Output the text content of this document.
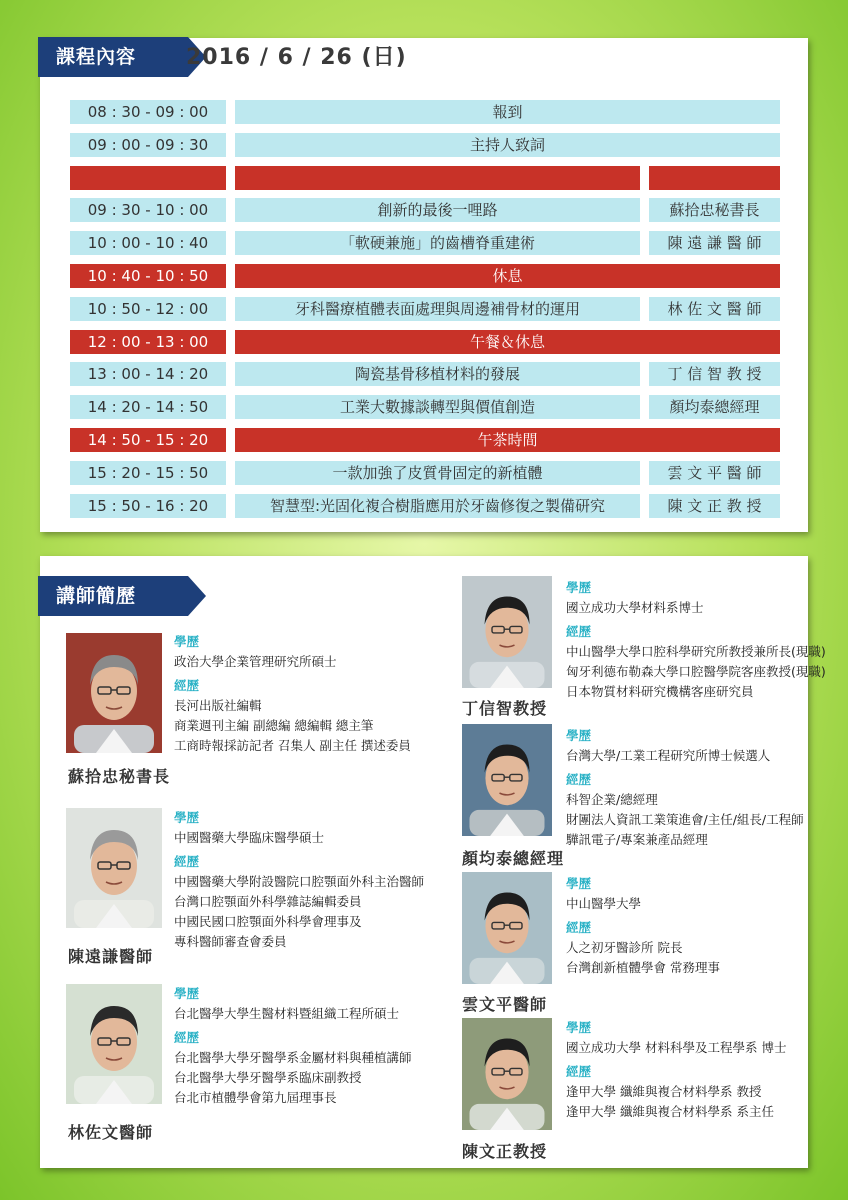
課程內容	2016 / 6 / 26 (日)
08 : 30 - 09 : 00	報到
09 : 00 - 09 : 30	主持人致詞
09 : 30 - 10 : 00	創新的最後一哩路	蘇拾忠秘書長
10 : 00 - 10 : 40	「軟硬兼施」的齒槽脊重建術	陳 遠 謙 醫 師
10 : 40 - 10 : 50	休息
10 : 50 - 12 : 00	牙科醫療植體表面處理與周邊補骨材的運用	林 佐 文 醫 師
12 : 00 - 13 : 00	午餐＆休息
13 : 00 - 14 : 20	陶瓷基骨移植材料的發展	丁 信 智 教 授
14 : 20 - 14 : 50	工業大數據談轉型與價值創造	顏均泰總經理
14 : 50 - 15 : 20	午茶時間
15 : 20 - 15 : 50	一款加強了皮質骨固定的新植體	雲 文 平 醫 師
15 : 50 - 16 : 20	智慧型:光固化複合樹脂應用於牙齒修復之製備研究	陳 文 正 教 授
講師簡歷
蘇拾忠秘書長
學歷
政治大學企業管理研究所碩士
經歷
長河出版社編輯
商業週刊主編 副總編 總編輯 總主筆
工商時報採訪記者 召集人 副主任 撰述委員
陳遠謙醫師
學歷
中國醫藥大學臨床醫學碩士
經歷
中國醫藥大學附設醫院口腔顎面外科主治醫師
台灣口腔顎面外科學雜誌編輯委員
中國民國口腔顎面外科學會理事及
專科醫師審查會委員
林佐文醫師
學歷
台北醫學大學生醫材料暨組織工程所碩士
經歷
台北醫學大學牙醫學系金屬材料與種植講師
台北醫學大學牙醫學系臨床副教授
台北市植體學會第九屆理事長
丁信智教授
學歷
國立成功大學材料系博士
經歷
中山醫學大學口腔科學研究所教授兼所長(現職)
匈牙利德布勒森大學口腔醫學院客座教授(現職)
日本物質材料研究機構客座研究員
顏均泰總經理
學歷
台灣大學/工業工程研究所博士候選人
經歷
科智企業/總經理
財團法人資訊工業策進會/主任/組長/工程師
驊訊電子/專案兼產品經理
雲文平醫師
學歷
中山醫學大學
經歷
人之初牙醫診所 院長
台灣創新植體學會 常務理事
陳文正教授
學歷
國立成功大學 材料科學及工程學系 博士
經歷
逢甲大學 纖維與複合材料學系 教授
逢甲大學 纖維與複合材料學系 系主任
